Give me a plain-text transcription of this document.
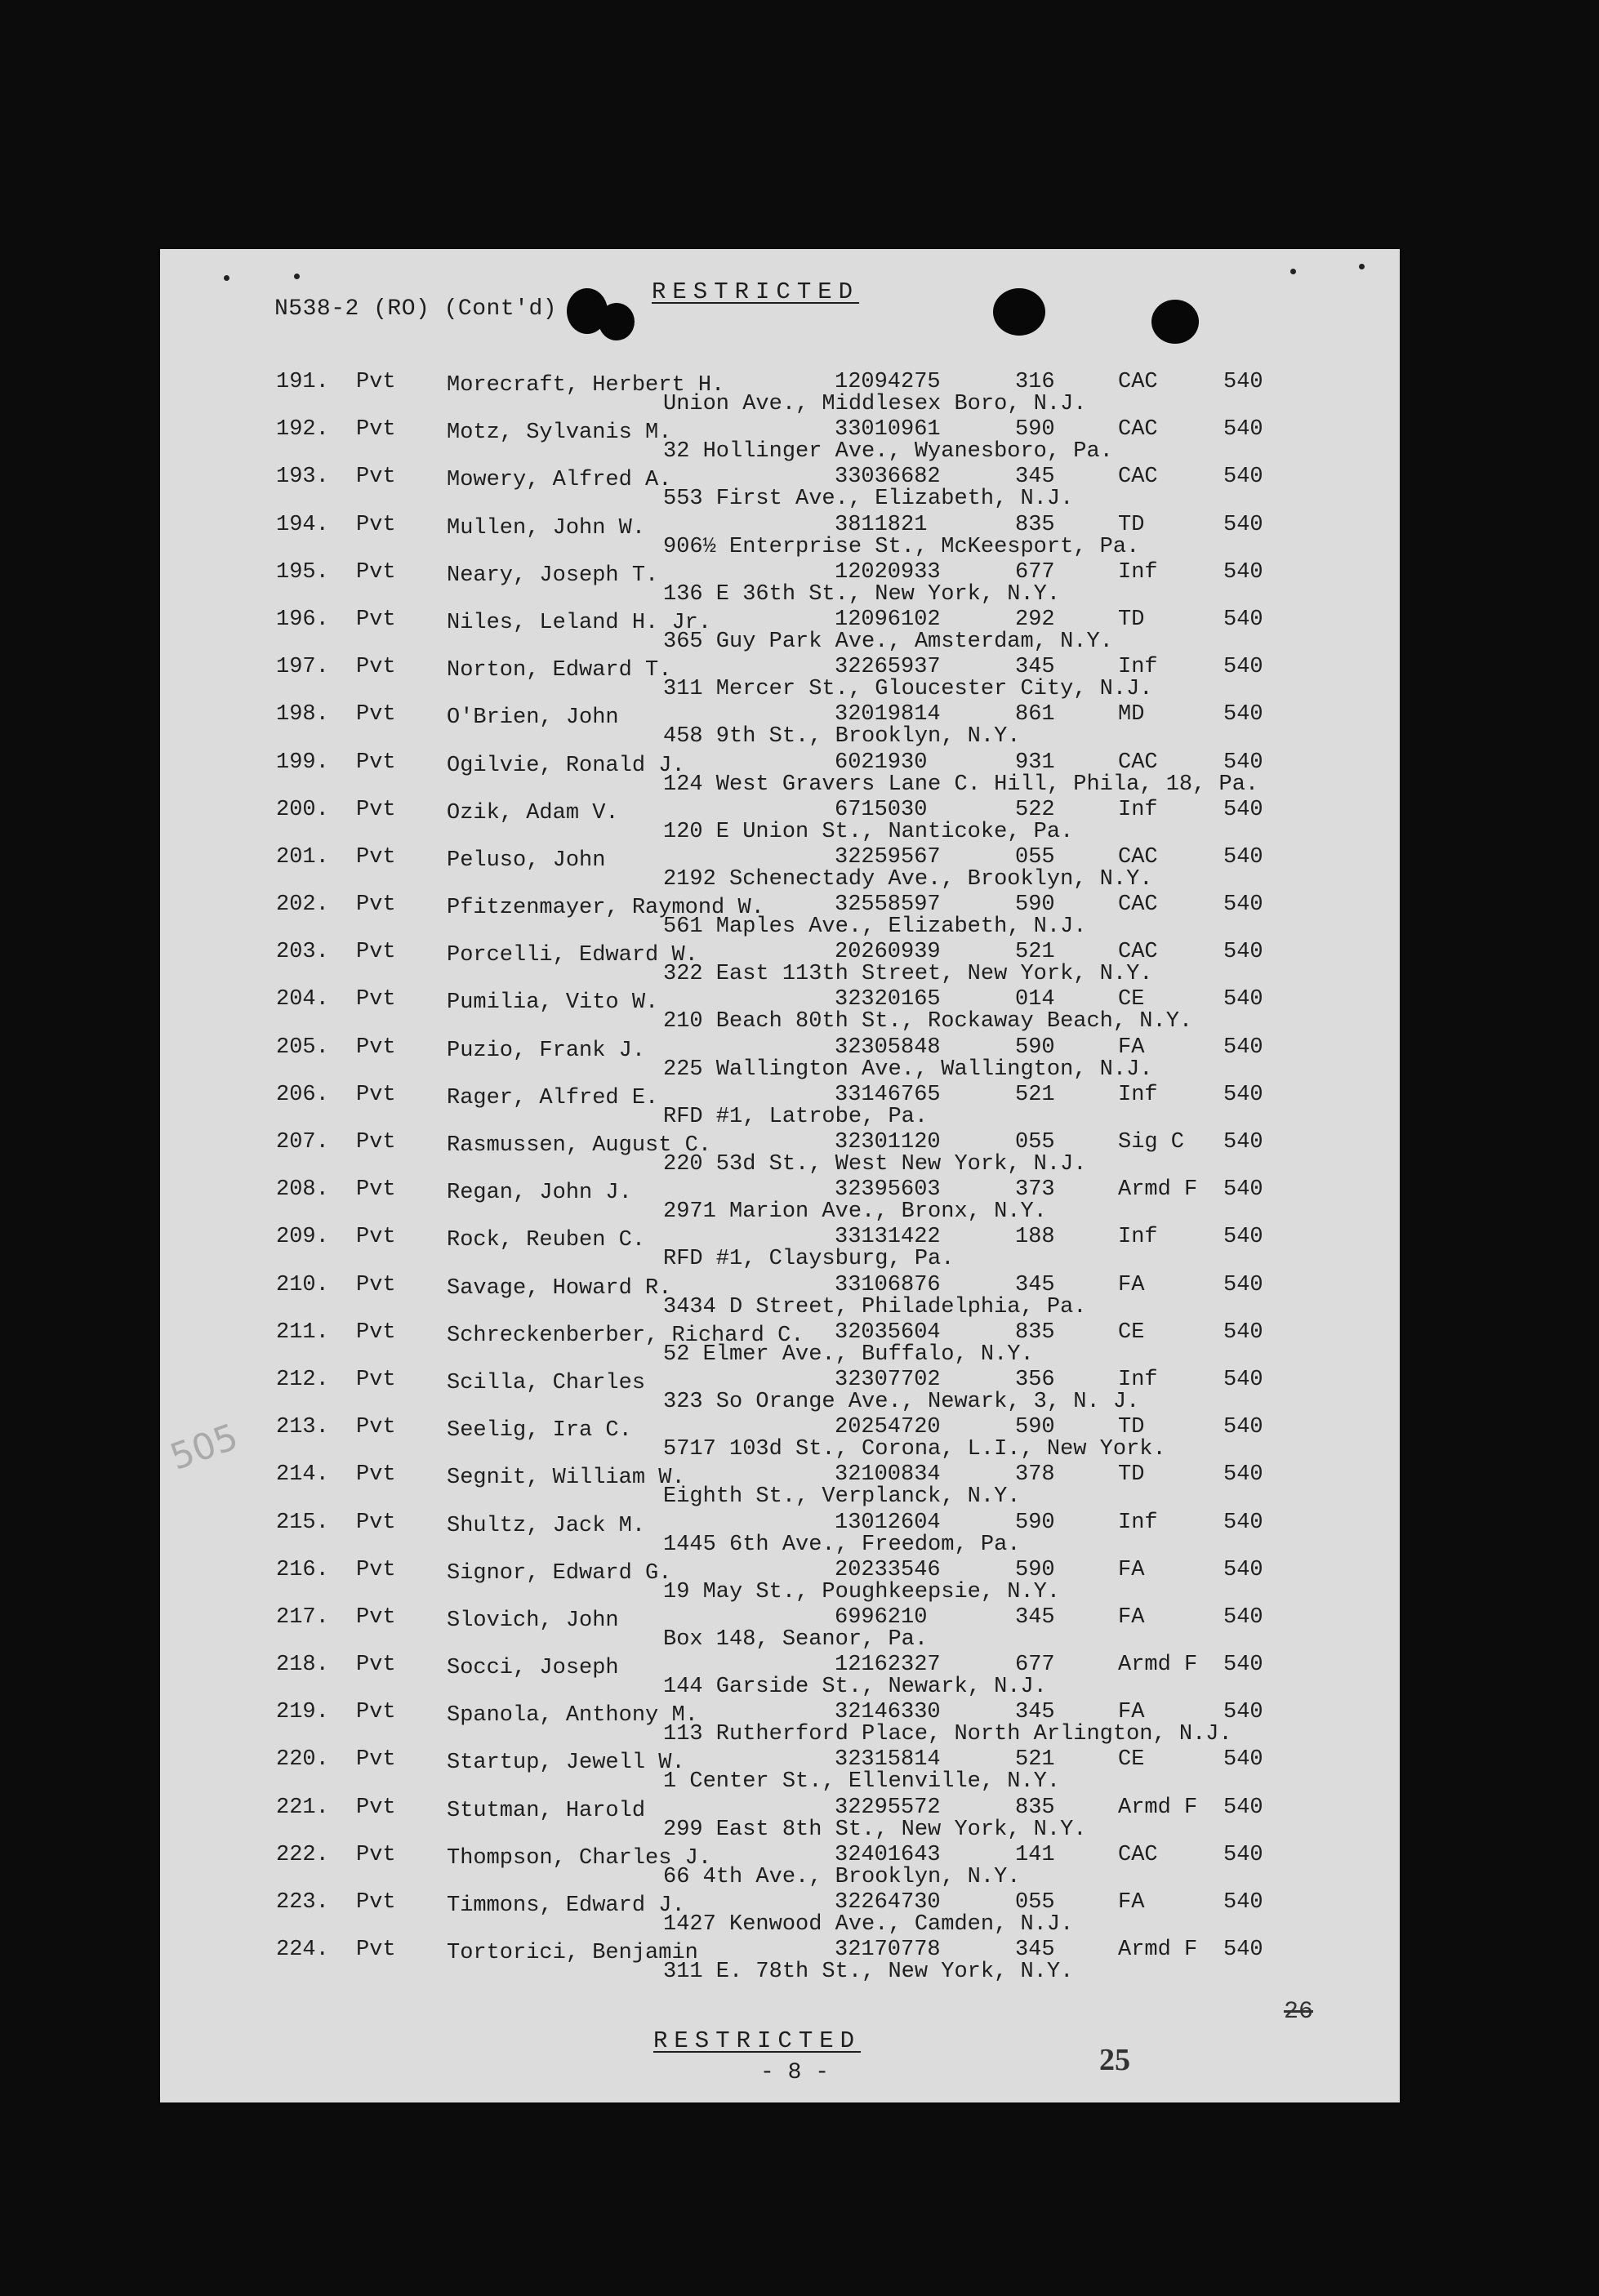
N538-2 (RO) (Cont'd)
RESTRICTED
191. Pvt Morecraft, Herbert H.	12094275	316	CAC	540
Union Ave., Middlesex Boro, N.J.
192. Pvt Motz, Sylvanis M.	33010961	590	CAC	540
32 Hollinger Ave., Wyanesboro, Pa.
193. Pvt Mowery, Alfred A.	33036682	345	CAC	540
553 First Ave., Elizabeth, N.J.
194. Pvt Mullen, John W.	3811821	835	TD	540
906½ Enterprise St., McKeesport, Pa.
195. Pvt Neary, Joseph T.	12020933	677	Inf	540
136 E 36th St., New York, N.Y.
196. Pvt Niles, Leland H. Jr.	12096102	292	TD	540
365 Guy Park Ave., Amsterdam, N.Y.
197. Pvt Norton, Edward T.	32265937	345	Inf	540
311 Mercer St., Gloucester City, N.J.
198. Pvt O'Brien, John	32019814	861	MD	540
458 9th St., Brooklyn, N.Y.
199. Pvt Ogilvie, Ronald J.	6021930	931	CAC	540
124 West Gravers Lane C. Hill, Phila, 18, Pa.
200. Pvt Ozik, Adam V.	6715030	522	Inf	540
120 E Union St., Nanticoke, Pa.
201. Pvt Peluso, John	32259567	055	CAC	540
2192 Schenectady Ave., Brooklyn, N.Y.
202. Pvt Pfitzenmayer, Raymond W.	32558597	590	CAC	540
561 Maples Ave., Elizabeth, N.J.
203. Pvt Porcelli, Edward W.	20260939	521	CAC	540
322 East 113th Street, New York, N.Y.
204. Pvt Pumilia, Vito W.	32320165	014	CE	540
210 Beach 80th St., Rockaway Beach, N.Y.
205. Pvt Puzio, Frank J.	32305848	590	FA	540
225 Wallington Ave., Wallington, N.J.
206. Pvt Rager, Alfred E.	33146765	521	Inf	540
RFD #1, Latrobe, Pa.
207. Pvt Rasmussen, August C.	32301120	055	Sig C 540
220 53d St., West New York, N.J.
208. Pvt Regan, John J.	32395603	373	Armd F 540
2971 Marion Ave., Bronx, N.Y.
209. Pvt Rock, Reuben C.	33131422	188	Inf	540
RFD #1, Claysburg, Pa.
210. Pvt Savage, Howard R.	33106876	345	FA	540
3434 D Street, Philadelphia, Pa.
211. Pvt Schreckenberber, Richard C. 32035604	835	CE	540
52 Elmer Ave., Buffalo, N.Y.
212. Pvt Scilla, Charles	32307702	356	Inf	540
323 So Orange Ave., Newark, 3, N. J.
213. Pvt Seelig, Ira C.	20254720	590	TD	540
5717 103d St., Corona, L.I., New York.
214. Pvt Segnit, William W.	32100834	378	TD	540
Eighth St., Verplanck, N.Y.
215. Pvt Shultz, Jack M.	13012604	590	Inf	540
1445 6th Ave., Freedom, Pa.
216. Pvt Signor, Edward G.	20233546	590	FA	540
19 May St., Poughkeepsie, N.Y.
217. Pvt Slovich, John	6996210	345	FA	540
Box 148, Seanor, Pa.
218. Pvt Socci, Joseph	12162327	677	Armd F 540
144 Garside St., Newark, N.J.
219. Pvt Spanola, Anthony M.	32146330	345	FA	540
113 Rutherford Place, North Arlington, N.J.
220. Pvt Startup, Jewell W.	32315814	521	CE	540
1 Center St., Ellenville, N.Y.
221. Pvt Stutman, Harold	32295572	835	Armd F 540
299 East 8th St., New York, N.Y.
222. Pvt Thompson, Charles J.	32401643	141	CAC	540
66 4th Ave., Brooklyn, N.Y.
223. Pvt Timmons, Edward J.	32264730	055	FA	540
1427 Kenwood Ave., Camden, N.J.
224. Pvt Tortorici, Benjamin	32170778	345	Armd F 540
311 E. 78th St., New York, N.Y.
RESTRICTED
- 8 -	25
26
505
